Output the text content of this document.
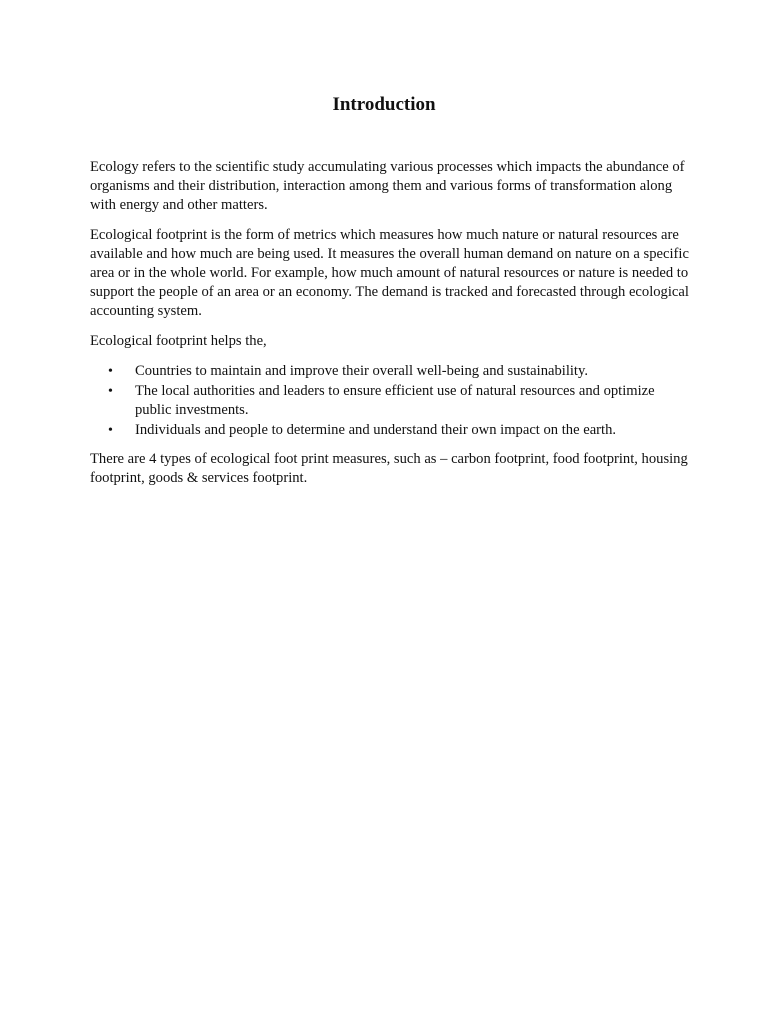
Introduction

Ecology refers to the scientific study accumulating various processes which impacts the abundance of organisms and their distribution, interaction among them and various forms of transformation along with energy and other matters.

Ecological footprint is the form of metrics which measures how much nature or natural resources are available and how much are being used. It measures the overall human demand on nature on a specific area or in the whole world. For example, how much amount of natural resources or nature is needed to support the people of an area or an economy. The demand is tracked and forecasted through ecological accounting system.

Ecological footprint helps the,

• Countries to maintain and improve their overall well-being and sustainability.
• The local authorities and leaders to ensure efficient use of natural resources and optimize public investments.
• Individuals and people to determine and understand their own impact on the earth.

There are 4 types of ecological foot print measures, such as – carbon footprint, food footprint, housing footprint, goods & services footprint.
